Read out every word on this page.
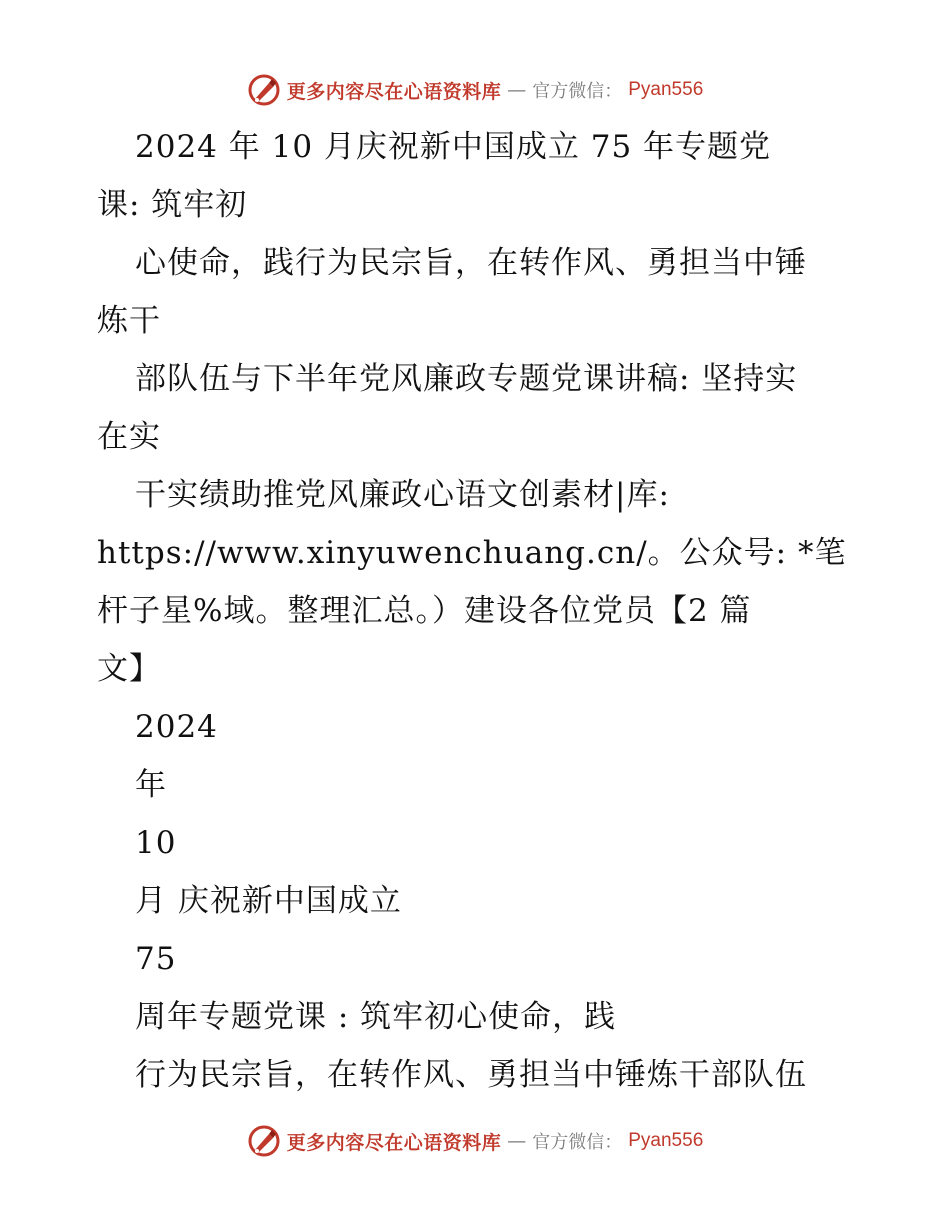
更多内容尽在心语资料库 — 官方微信： Pyan556
2024 年 10 月庆祝新中国成立 75 年专题党
课: 筑牢初
心使命，践行为民宗旨，在转作风、勇担当中锤
炼干
部队伍与下半年党风廉政专题党课讲稿: 坚持实
在实
干实绩助推党风廉政心语文创素材|库:
https://www.xinyuwenchuang.cn/。公众号: *笔
杆子星%域。整理汇总。）建设各位党员【2 篇
文】
2024
年
10
月 庆祝新中国成立
75
周年专题党课 : 筑牢初心使命，践
行为民宗旨，在转作风、勇担当中锤炼干部队伍
更多内容尽在心语资料库 — 官方微信： Pyan556
